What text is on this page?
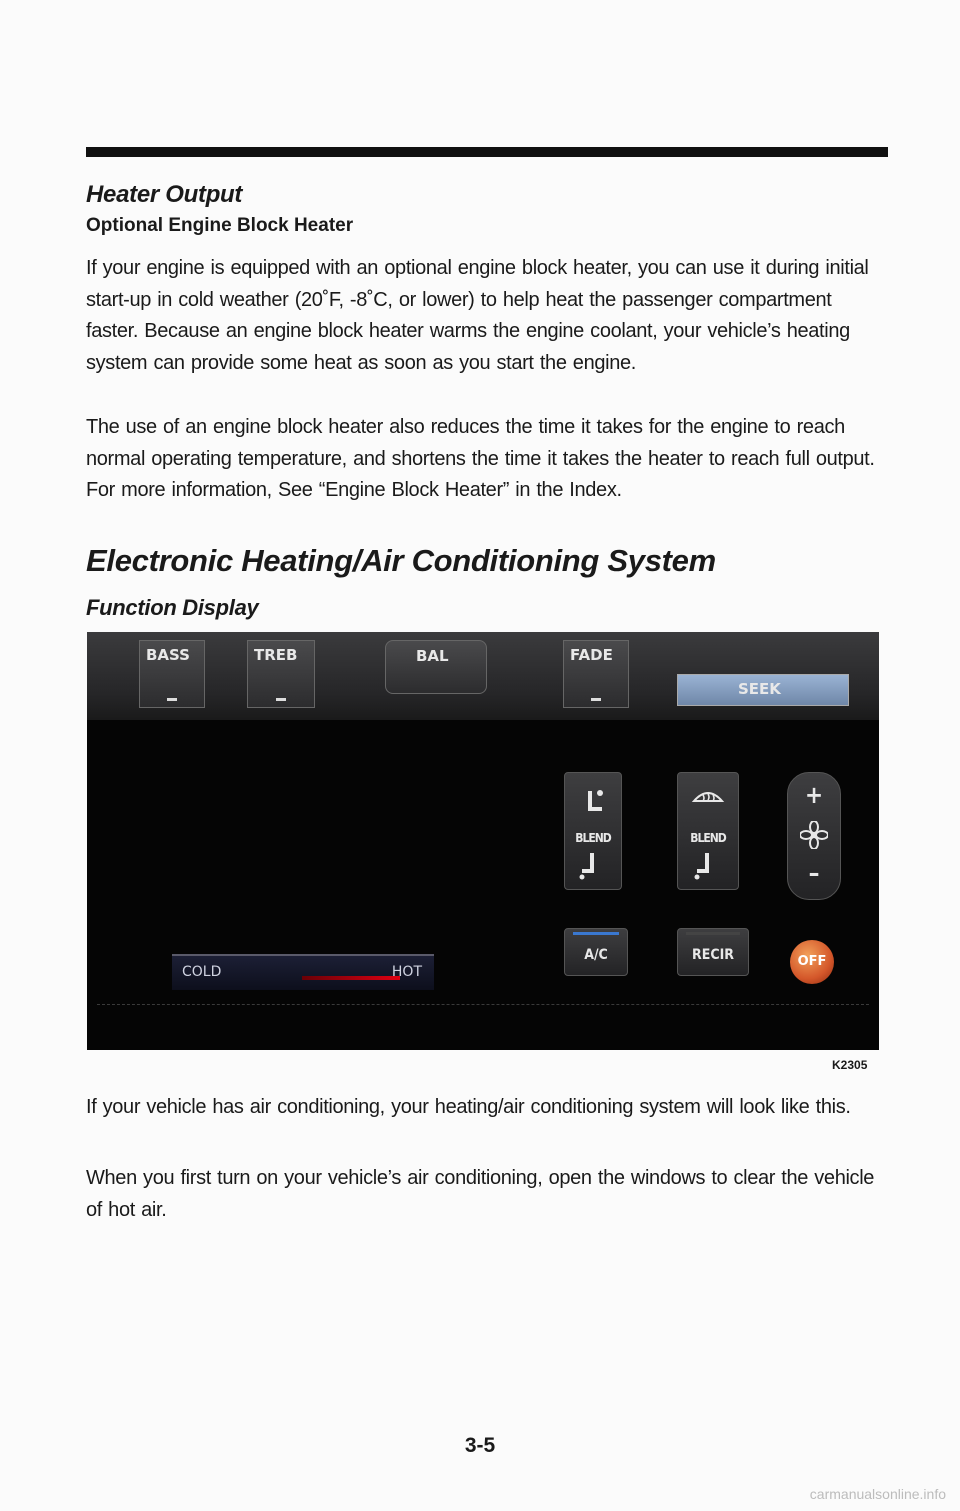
Heater Output
Optional Engine Block Heater

If your engine is equipped with an optional engine block heater, you can use it during initial start-up in cold weather (20˚F, -8˚C, or lower) to help heat the passenger compartment faster. Because an engine block heater warms the engine coolant, your vehicle’s heating system can provide some heat as soon as you start the engine.

The use of an engine block heater also reduces the time it takes for the engine to reach normal operating temperature, and shortens the time it takes the heater to reach full output. For more information, See “Engine Block Heater” in the Index.

Electronic Heating/Air Conditioning System
Function Display
BASS	TREB	BAL	FADE
SEEK
BLEND	BLEND
+
–
A/C	RECIR	OFF
COLD	HOT
K2305

If your vehicle has air conditioning, your heating/air conditioning system will look like this.

When you first turn on your vehicle’s air conditioning, open the windows to clear the vehicle of hot air.

3-5
carmanualsonline.info
